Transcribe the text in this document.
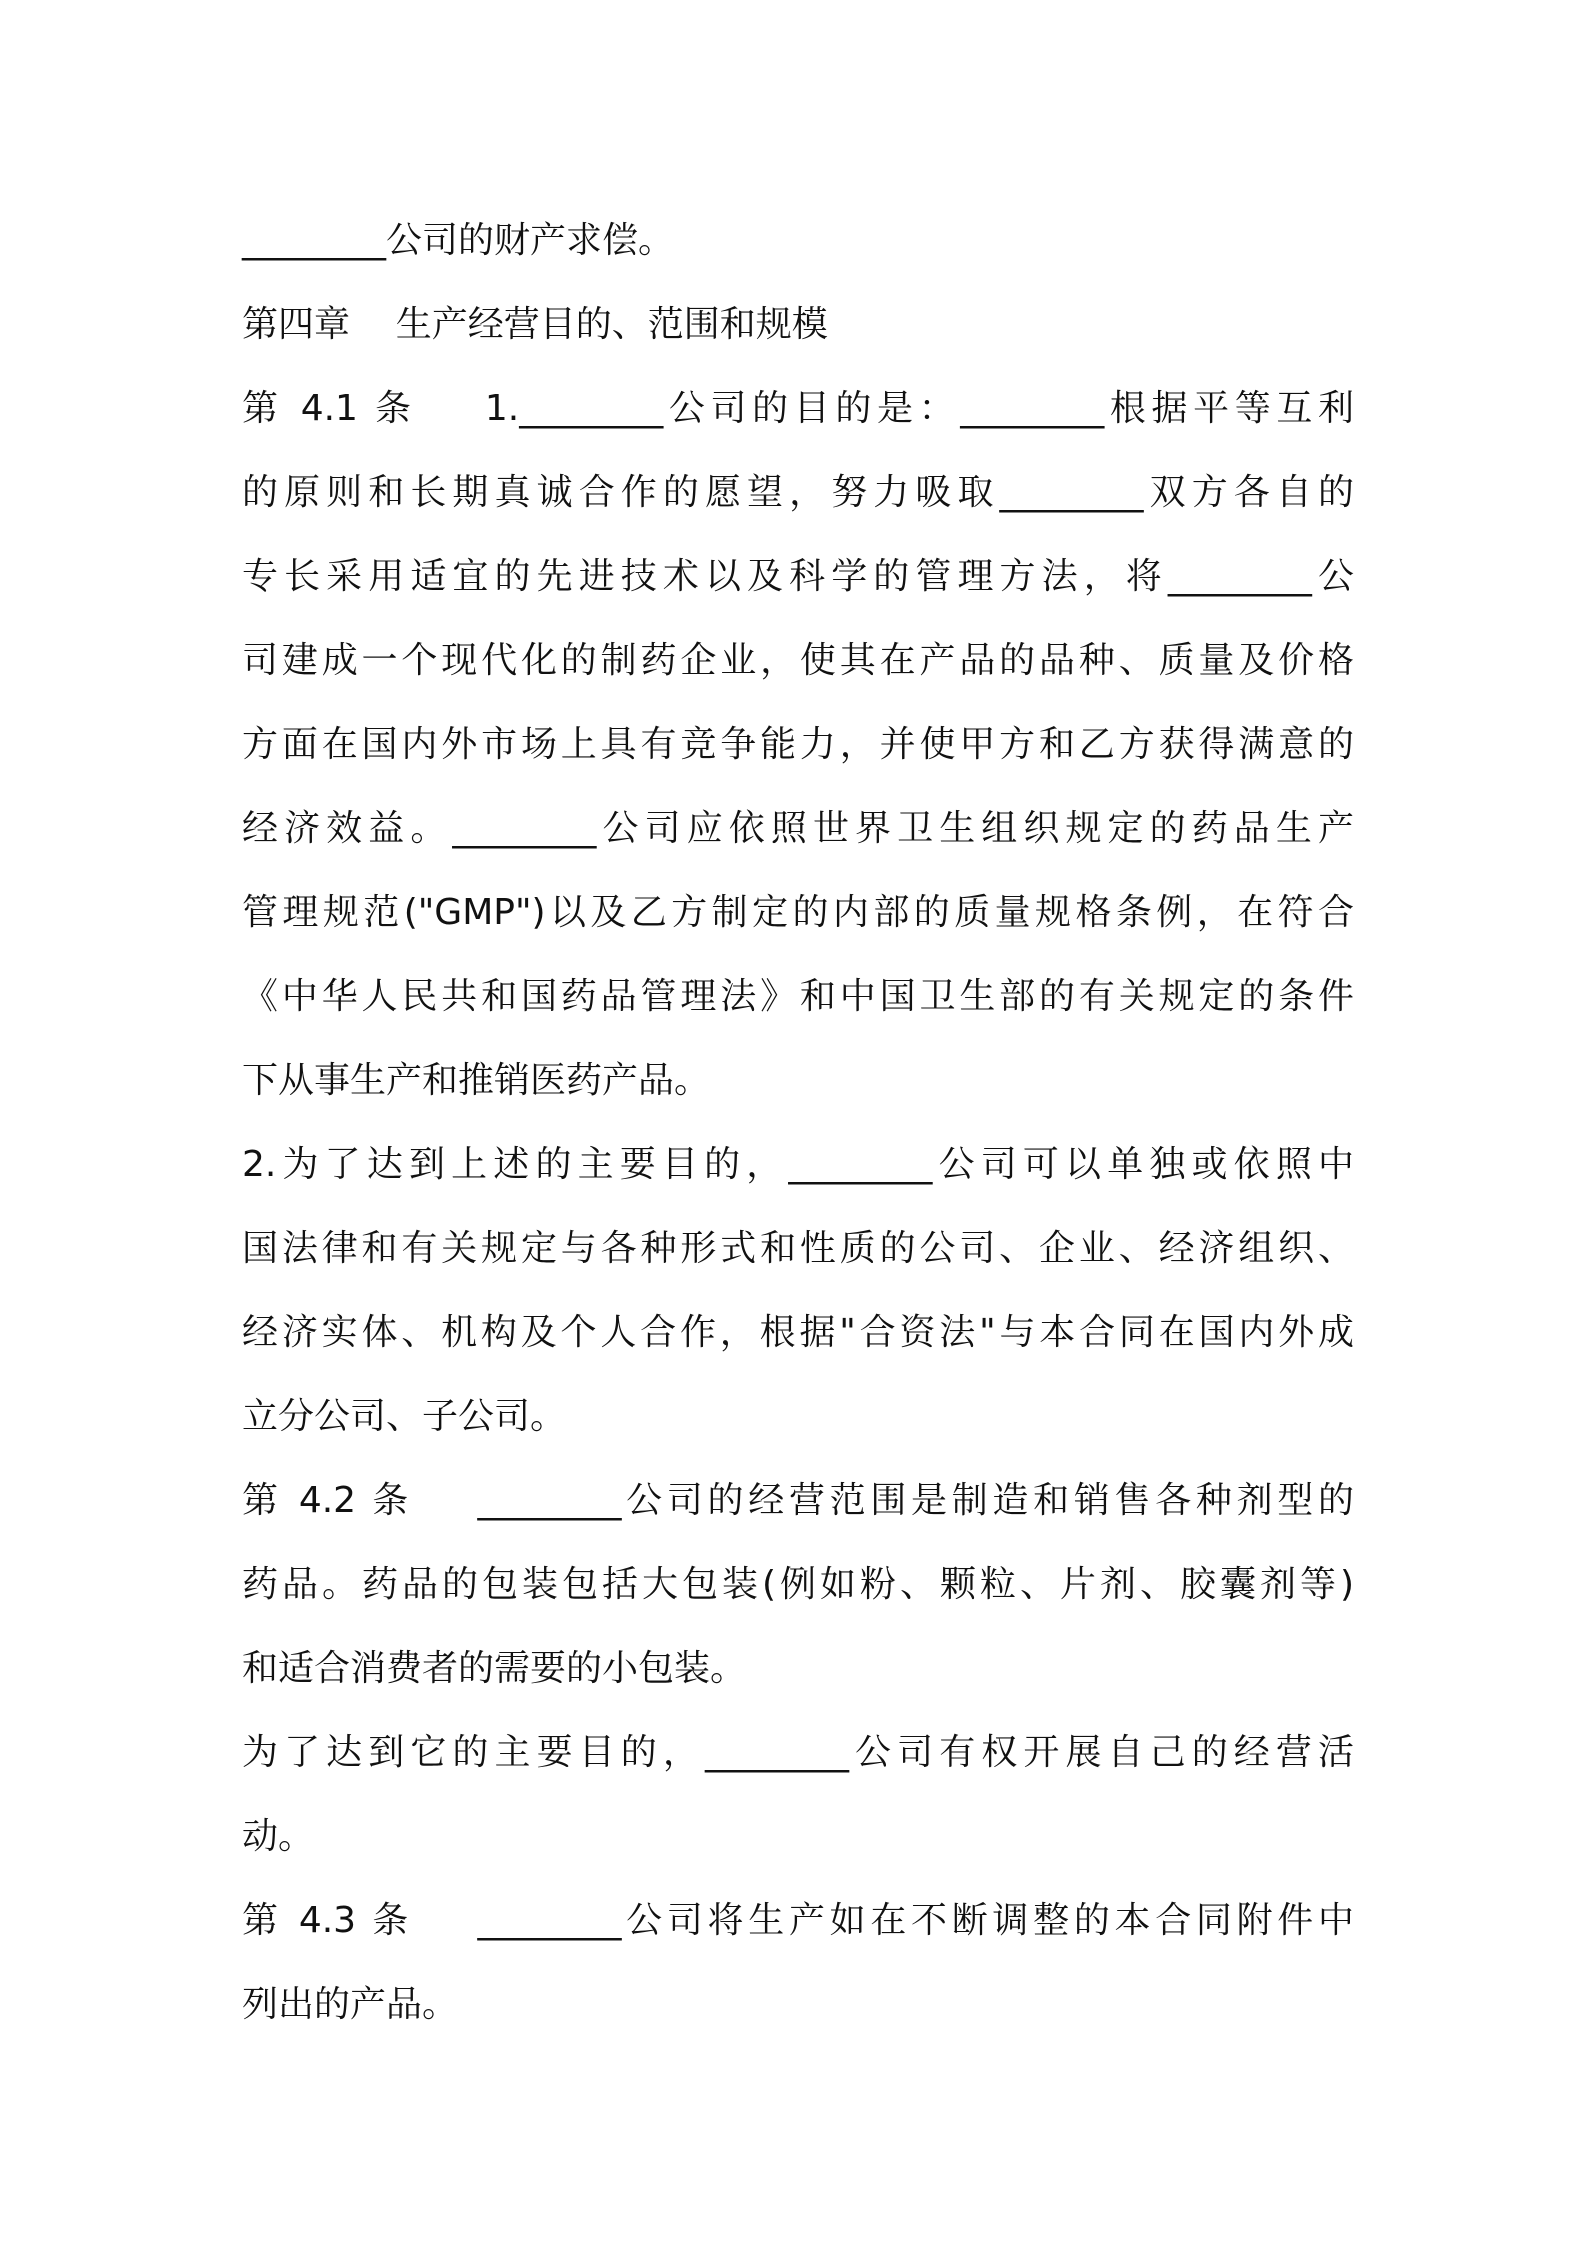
________公司的财产求偿。
第四章    生产经营目的、范围和规模
第 4.1 条    1.________公司的目的是：________根据平等互利
的原则和长期真诚合作的愿望，努力吸取________双方各自的
专长采用适宜的先进技术以及科学的管理方法，将________公
司建成一个现代化的制药企业，使其在产品的品种、质量及价格
方面在国内外市场上具有竞争能力，并使甲方和乙方获得满意的
经济效益。________公司应依照世界卫生组织规定的药品生产
管理规范("GMP")以及乙方制定的内部的质量规格条例，在符合
《中华人民共和国药品管理法》和中国卫生部的有关规定的条件
下从事生产和推销医药产品。
2.为了达到上述的主要目的，________公司可以单独或依照中
国法律和有关规定与各种形式和性质的公司、企业、经济组织、
经济实体、机构及个人合作，根据"合资法"与本合同在国内外成
立分公司、子公司。
第 4.2 条    ________公司的经营范围是制造和销售各种剂型的
药品。药品的包装包括大包装(例如粉、颗粒、片剂、胶囊剂等)
和适合消费者的需要的小包装。
为了达到它的主要目的，________公司有权开展自己的经营活
动。
第 4.3 条    ________公司将生产如在不断调整的本合同附件中
列出的产品。
